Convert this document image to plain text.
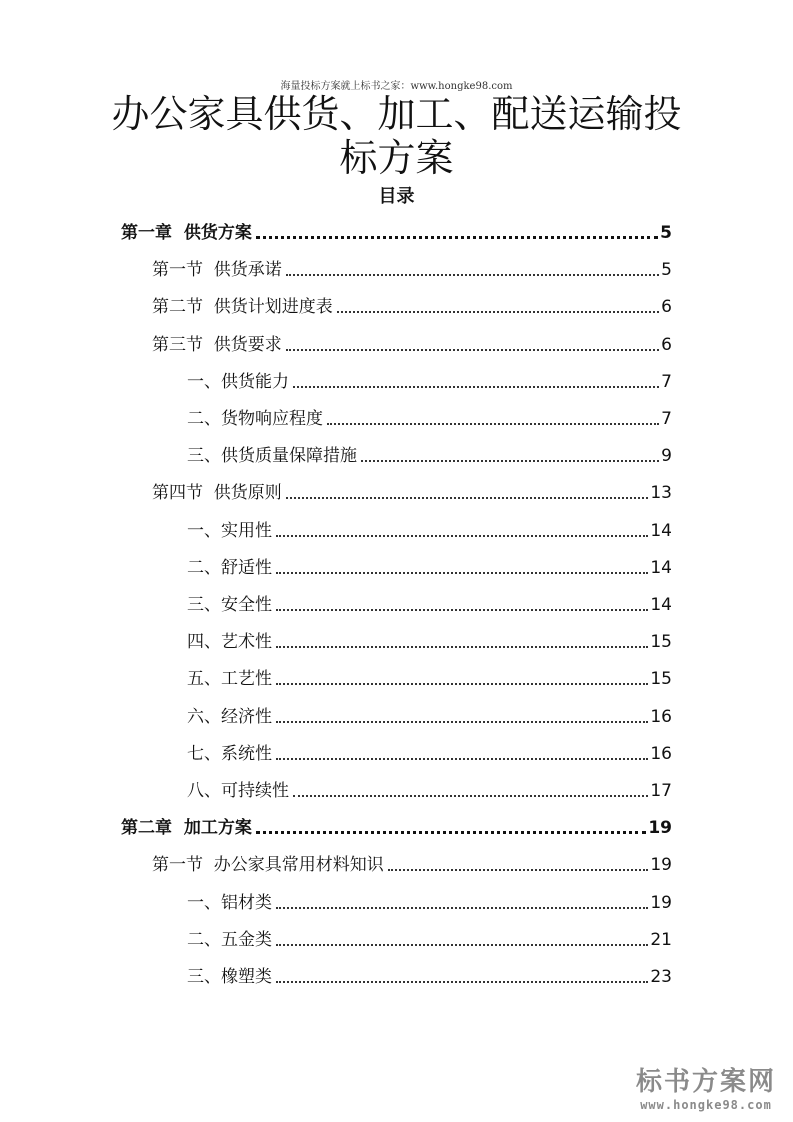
海量投标方案就上标书之家：www.hongke98.com
办公家具供货、加工、配送运输投标方案
目录
第一章  供货方案	5
第一节  供货承诺	5
第二节  供货计划进度表	6
第三节  供货要求	6
一、供货能力	7
二、货物响应程度	7
三、供货质量保障措施	9
第四节  供货原则	13
一、实用性	14
二、舒适性	14
三、安全性	14
四、艺术性	15
五、工艺性	15
六、经济性	16
七、系统性	16
八、可持续性	17
第二章  加工方案	19
第一节  办公家具常用材料知识	19
一、铝材类	19
二、五金类	21
三、橡塑类	23
标书方案网
www.hongke98.com
